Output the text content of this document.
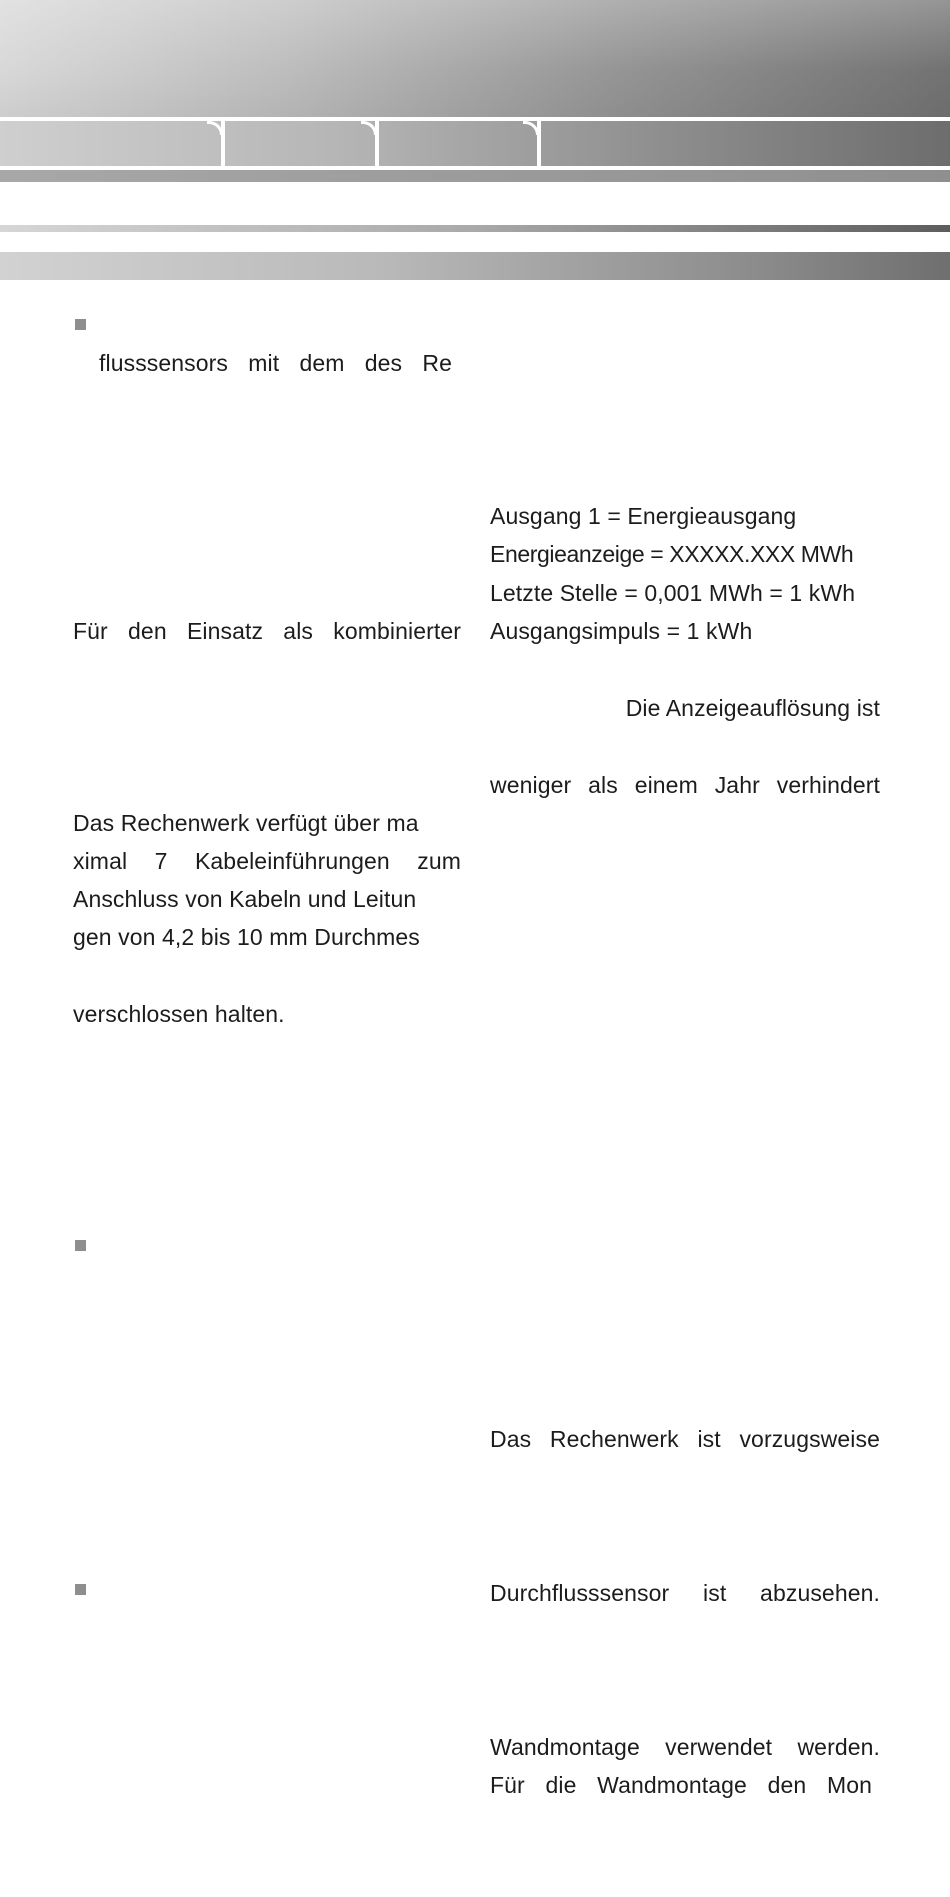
flusssensors mit dem des Re
Für den Einsatz als kombinierter
Das Rechenwerk verfügt über ma
ximal 7 Kabeleinführungen zum
Anschluss von Kabeln und Leitun
gen von 4,2 bis 10 mm Durchmes
verschlossen halten.
Ausgang 1 = Energieausgang
Energieanzeige = XXXXX.XXX MWh
Letzte Stelle = 0,001 MWh = 1 kWh
Ausgangsimpuls = 1 kWh
Die Anzeigeauflösung ist
weniger als einem Jahr verhindert
Das Rechenwerk ist vorzugsweise
Durchflusssensor ist abzusehen.
Wandmontage verwendet werden.
Für die Wandmontage den Mon
